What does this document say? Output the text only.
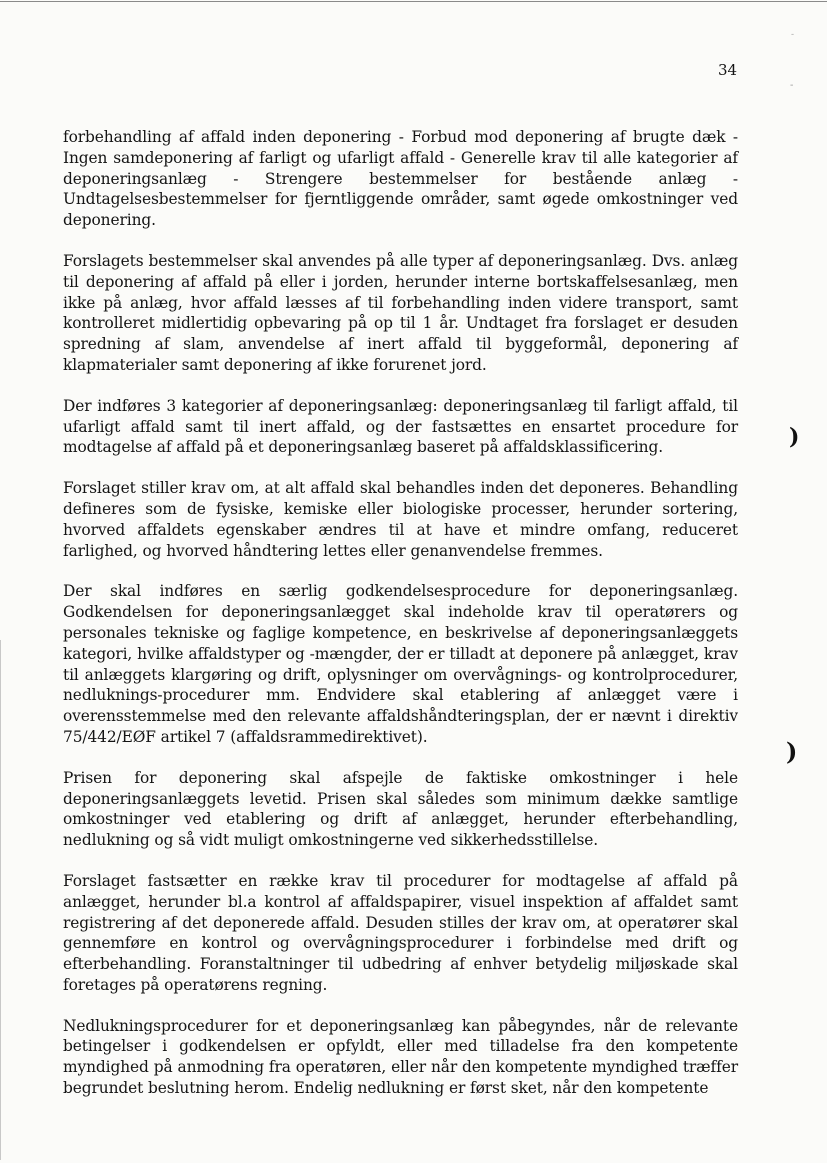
34

forbehandling af affald inden deponering - Forbud mod deponering af brugte dæk - Ingen samdeponering af farligt og ufarligt affald - Generelle krav til alle kategorier af deponeringsanlæg - Strengere bestemmelser for bestående anlæg - Undtagelsesbestemmelser for fjerntliggende områder, samt øgede omkostninger ved deponering.

Forslagets bestemmelser skal anvendes på alle typer af deponeringsanlæg. Dvs. anlæg til deponering af affald på eller i jorden, herunder interne bortskaffelsesanlæg, men ikke på anlæg, hvor affald læsses af til forbehandling inden videre transport, samt kontrolleret midlertidig opbevaring på op til 1 år. Undtaget fra forslaget er desuden spredning af slam, anvendelse af inert affald til byggeformål, deponering af klapmaterialer samt deponering af ikke forurenet jord.

Der indføres 3 kategorier af deponeringsanlæg: deponeringsanlæg til farligt affald, til ufarligt affald samt til inert affald, og der fastsættes en ensartet procedure for modtagelse af affald på et deponeringsanlæg baseret på affaldsklassificering.

Forslaget stiller krav om, at alt affald skal behandles inden det deponeres. Behandling defineres som de fysiske, kemiske eller biologiske processer, herunder sortering, hvorved affaldets egenskaber ændres til at have et mindre omfang, reduceret farlighed, og hvorved håndtering lettes eller genanvendelse fremmes.

Der skal indføres en særlig godkendelsesprocedure for deponeringsanlæg. Godkendelsen for deponeringsanlægget skal indeholde krav til operatørers og personales tekniske og faglige kompetence, en beskrivelse af deponeringsanlæggets kategori, hvilke affaldstyper og -mængder, der er tilladt at deponere på anlægget, krav til anlæggets klargøring og drift, oplysninger om overvågnings- og kontrolprocedurer, nedluknings-procedurer mm. Endvidere skal etablering af anlægget være i overensstemmelse med den relevante affaldshåndteringsplan, der er nævnt i direktiv 75/442/EØF artikel 7 (affaldsrammedirektivet).

Prisen for deponering skal afspejle de faktiske omkostninger i hele deponeringsanlæggets levetid. Prisen skal således som minimum dække samtlige omkostninger ved etablering og drift af anlægget, herunder efterbehandling, nedlukning og så vidt muligt omkostningerne ved sikkerhedsstillelse.

Forslaget fastsætter en række krav til procedurer for modtagelse af affald på anlægget, herunder bl.a kontrol af affaldspapirer, visuel inspektion af affaldet samt registrering af det deponerede affald. Desuden stilles der krav om, at operatører skal gennemføre en kontrol og overvågningsprocedurer i forbindelse med drift og efterbehandling. Foranstaltninger til udbedring af enhver betydelig miljøskade skal foretages på operatørens regning.

Nedlukningsprocedurer for et deponeringsanlæg kan påbegyndes, når de relevante betingelser i godkendelsen er opfyldt, eller med tilladelse fra den kompetente myndighed på anmodning fra operatøren, eller når den kompetente myndighed træffer begrundet beslutning herom. Endelig nedlukning er først sket, når den kompetente

)
)
-
-
